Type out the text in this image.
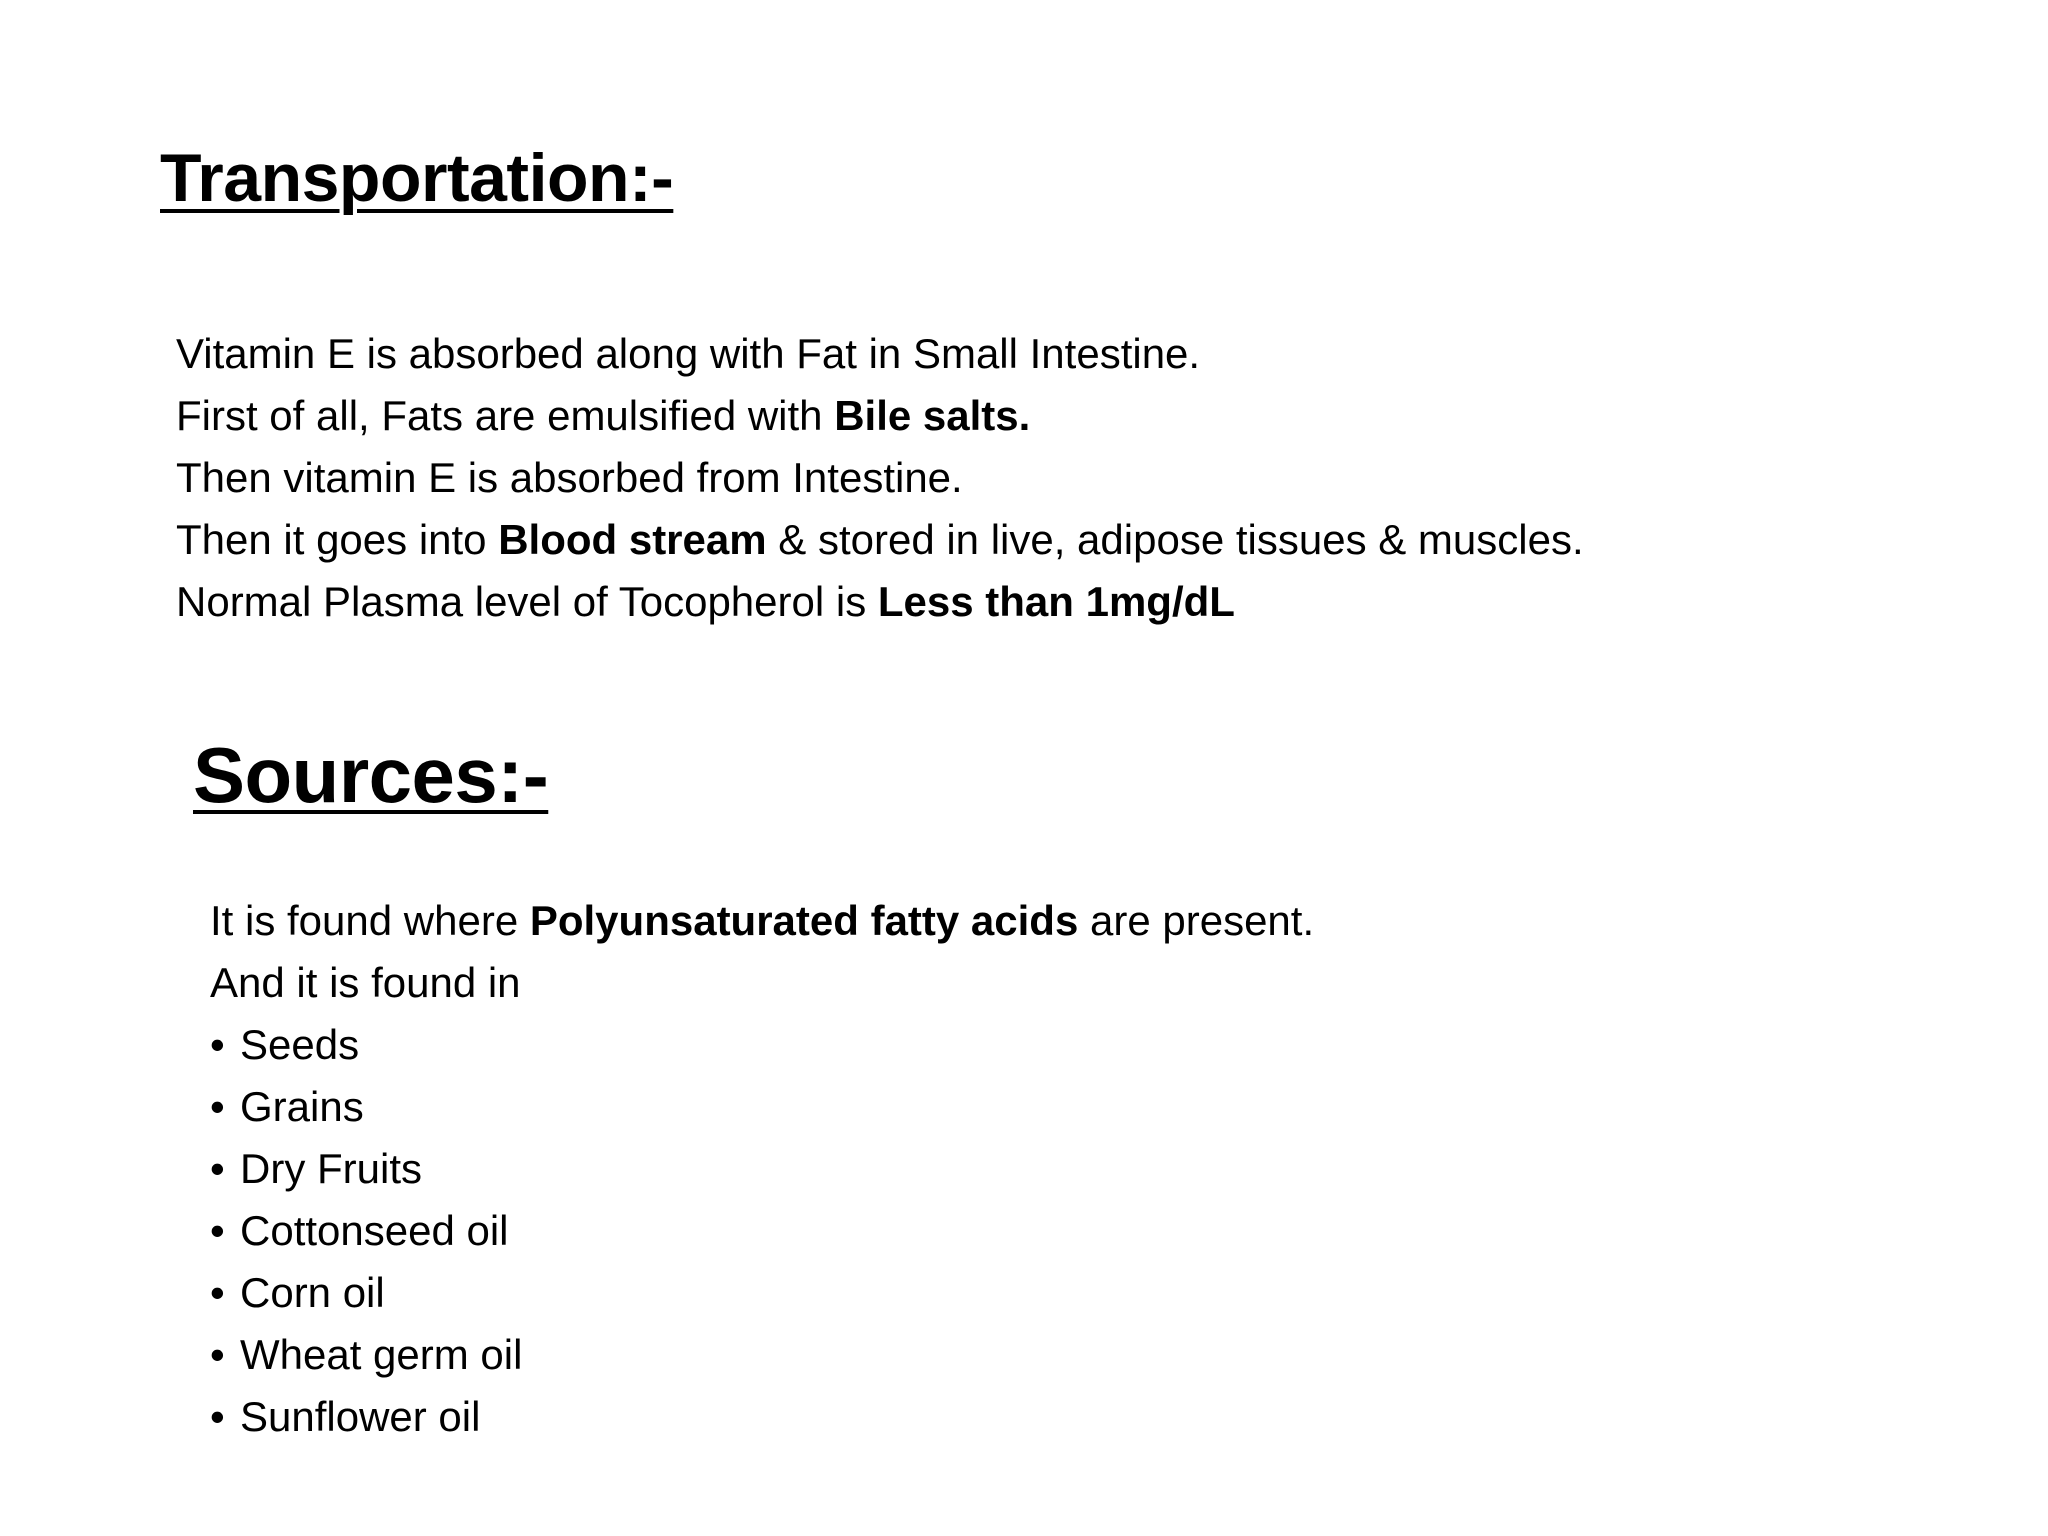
Transportation:-
Vitamin E is absorbed along with Fat in Small Intestine.
First of all, Fats are emulsified with Bile salts.
Then vitamin E is absorbed from Intestine.
Then it goes into Blood stream & stored in live, adipose tissues & muscles.
Normal Plasma level of Tocopherol is Less than 1mg/dL
Sources:-
It is found where Polyunsaturated fatty acids are present.
And it is found in
• Seeds
• Grains
• Dry Fruits
• Cottonseed oil
• Corn oil
• Wheat germ oil
• Sunflower oil
